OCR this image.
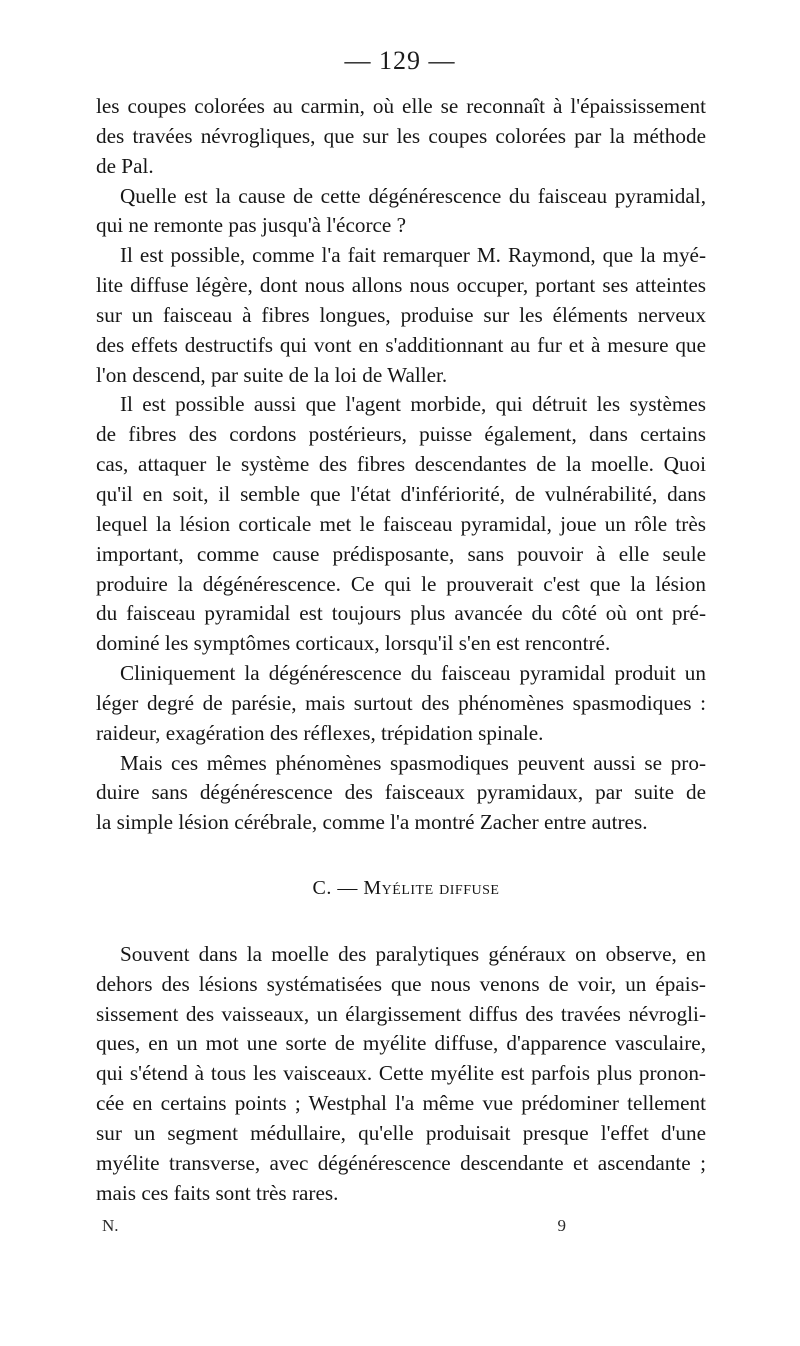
— 129 —
les coupes colorées au carmin, où elle se reconnaît à l'épaississement
des travées névrogliques, que sur les coupes colorées par la méthode
de Pal.
Quelle est la cause de cette dégénérescence du faisceau pyramidal,
qui ne remonte pas jusqu'à l'écorce ?
Il est possible, comme l'a fait remarquer M. Raymond, que la myé-
lite diffuse légère, dont nous allons nous occuper, portant ses atteintes
sur un faisceau à fibres longues, produise sur les éléments nerveux
des effets destructifs qui vont en s'additionnant au fur et à mesure que
l'on descend, par suite de la loi de Waller.
Il est possible aussi que l'agent morbide, qui détruit les systèmes
de fibres des cordons postérieurs, puisse également, dans certains
cas, attaquer le système des fibres descendantes de la moelle. Quoi
qu'il en soit, il semble que l'état d'infériorité, de vulnérabilité, dans
lequel la lésion corticale met le faisceau pyramidal, joue un rôle très
important, comme cause prédisposante, sans pouvoir à elle seule
produire la dégénérescence. Ce qui le prouverait c'est que la lésion
du faisceau pyramidal est toujours plus avancée du côté où ont pré-
dominé les symptômes corticaux, lorsqu'il s'en est rencontré.
Cliniquement la dégénérescence du faisceau pyramidal produit un
léger degré de parésie, mais surtout des phénomènes spasmodiques :
raideur, exagération des réflexes, trépidation spinale.
Mais ces mêmes phénomènes spasmodiques peuvent aussi se pro-
duire sans dégénérescence des faisceaux pyramidaux, par suite de
la simple lésion cérébrale, comme l'a montré Zacher entre autres.
C. — Myélite diffuse
Souvent dans la moelle des paralytiques généraux on observe, en
dehors des lésions systématisées que nous venons de voir, un épais-
sissement des vaisseaux, un élargissement diffus des travées névrogli-
ques, en un mot une sorte de myélite diffuse, d'apparence vasculaire,
qui s'étend à tous les vaisceaux. Cette myélite est parfois plus pronon-
cée en certains points ; Westphal l'a même vue prédominer tellement
sur un segment médullaire, qu'elle produisait presque l'effet d'une
myélite transverse, avec dégénérescence descendante et ascendante ;
mais ces faits sont très rares.
N.	9
